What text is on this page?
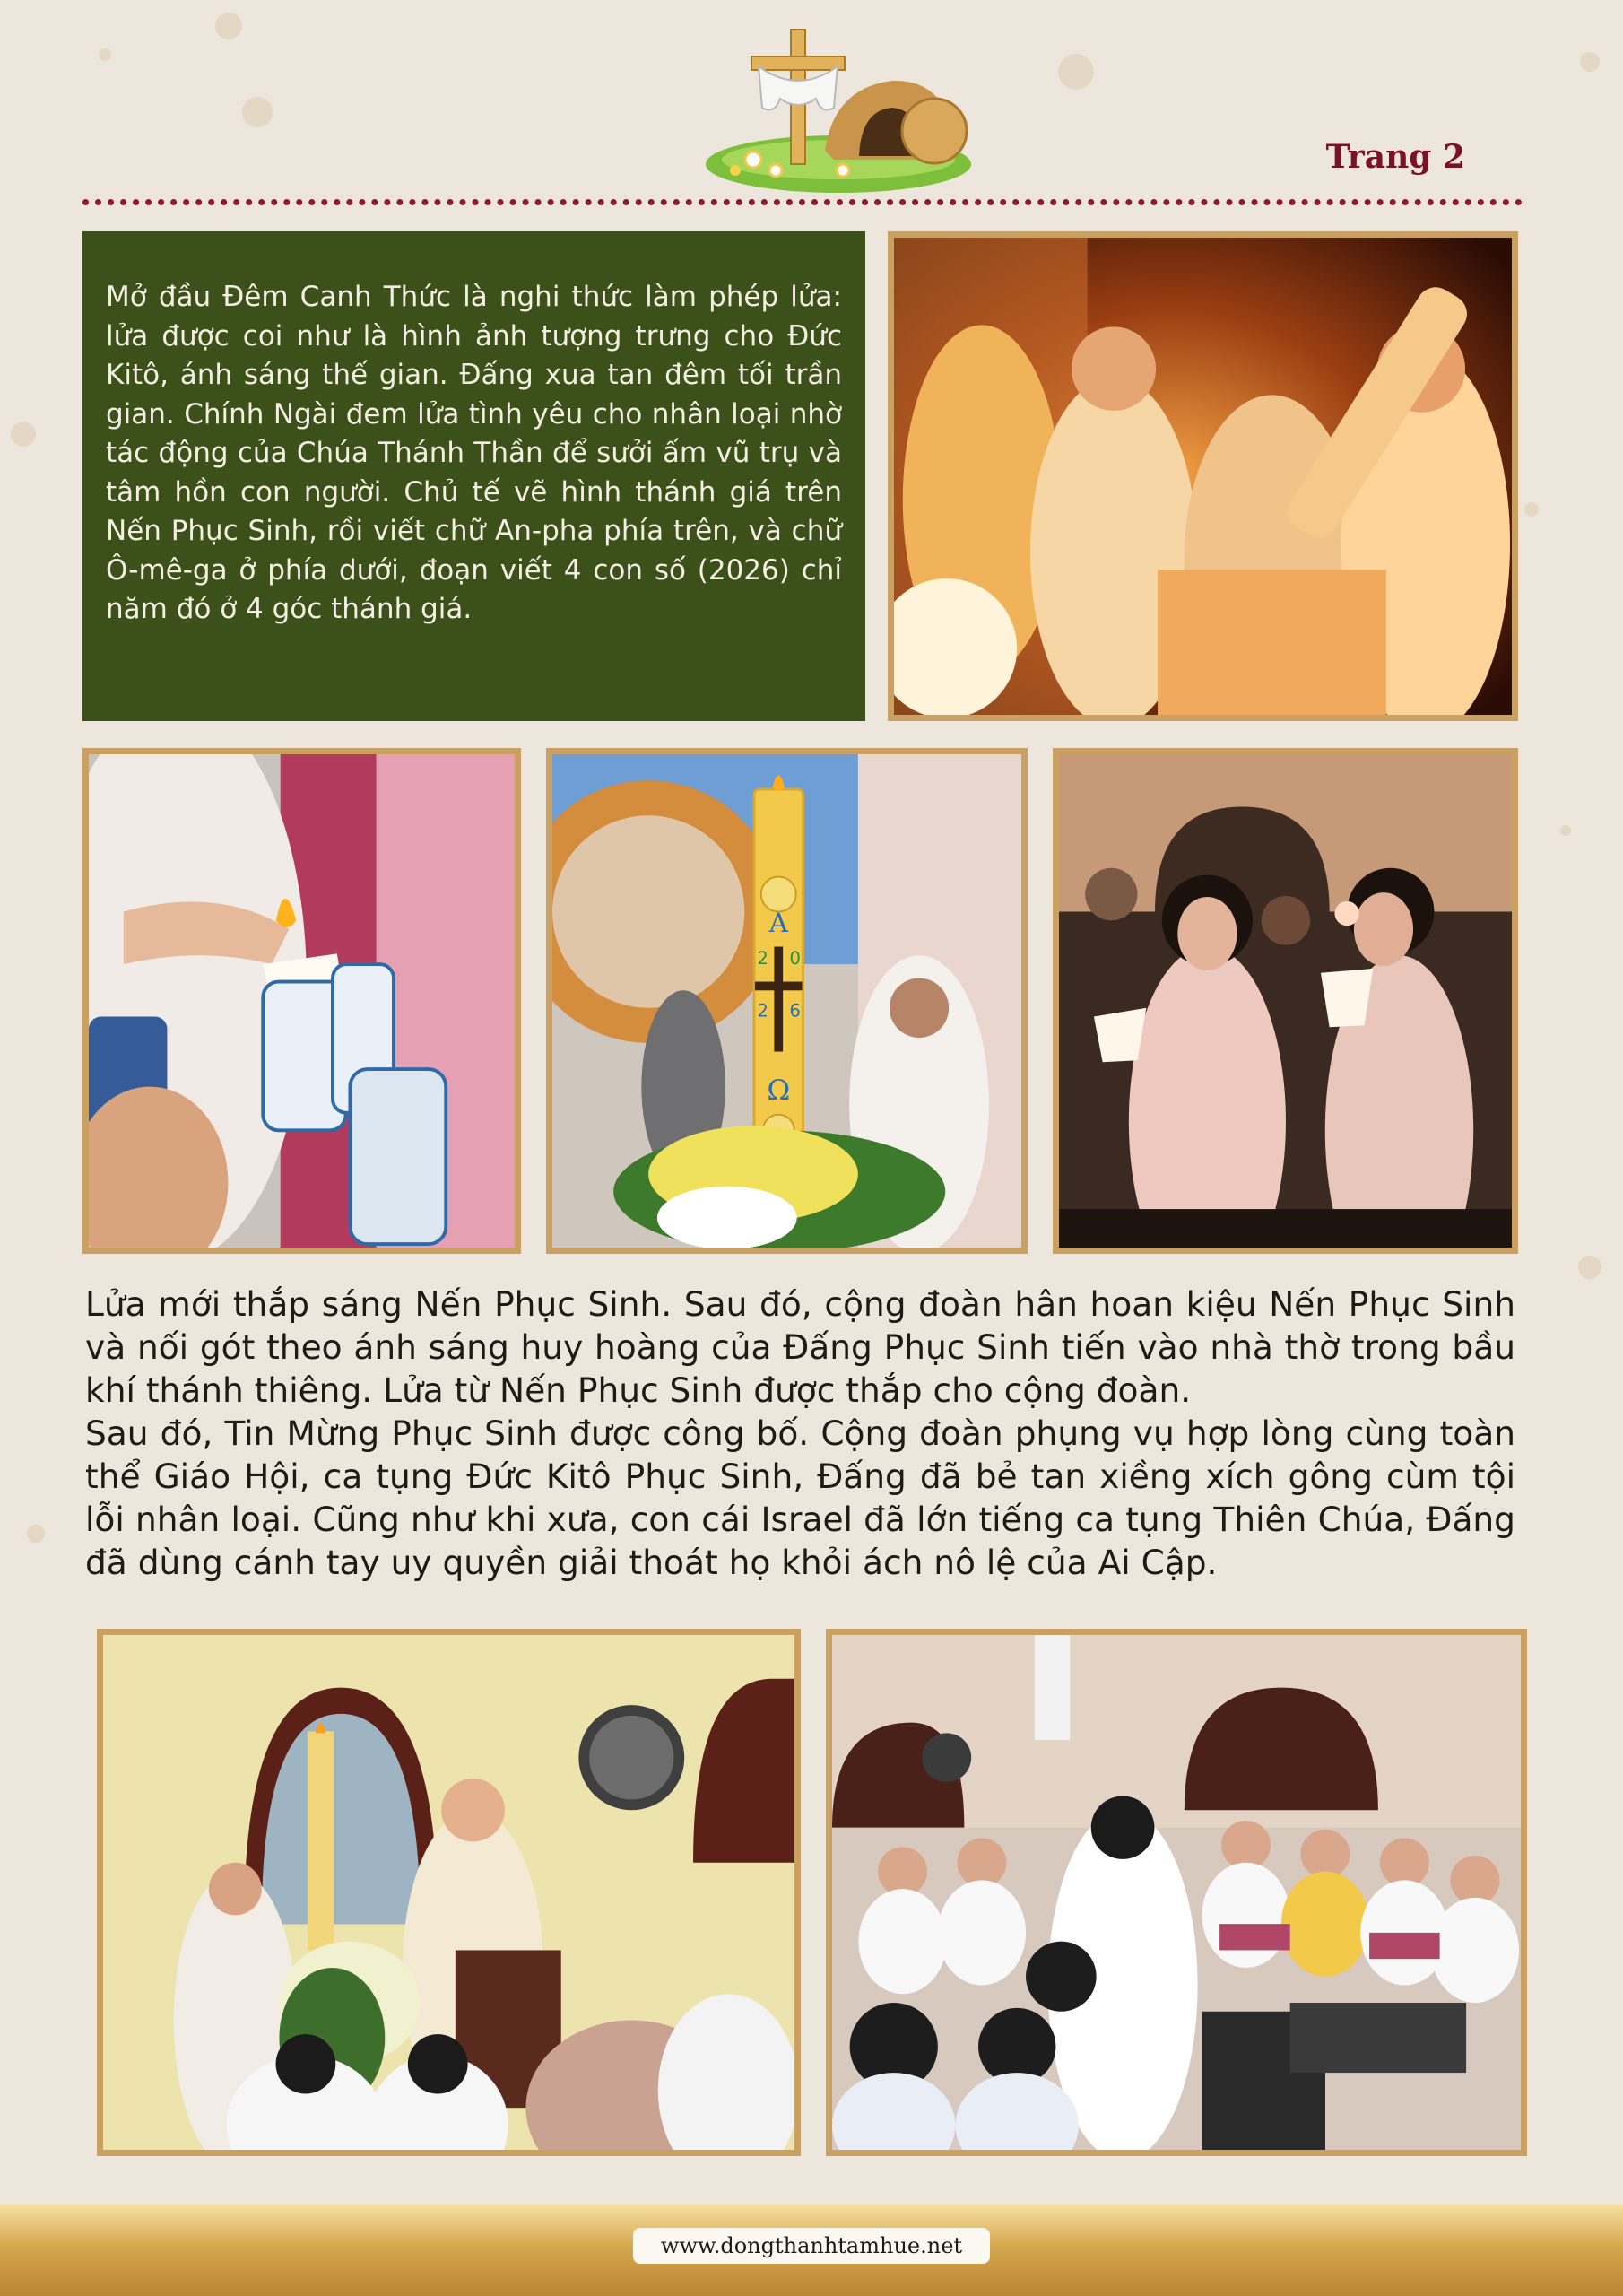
Trang 2

Mở đầu Đêm Canh Thức là nghi thức làm phép lửa: lửa được coi như là hình ảnh tượng trưng cho Đức Kitô, ánh sáng thế gian. Đấng xua tan đêm tối trần gian. Chính Ngài đem lửa tình yêu cho nhân loại nhờ tác động của Chúa Thánh Thần để sưởi ấm vũ trụ và tâm hồn con người. Chủ tế vẽ hình thánh giá trên Nến Phục Sinh, rồi viết chữ An-pha phía trên, và chữ Ô-mê-ga ở phía dưới, đoạn viết 4 con số (2026) chỉ năm đó ở 4 góc thánh giá.

A
2 0
2 6
Ω

Lửa mới thắp sáng Nến Phục Sinh. Sau đó, cộng đoàn hân hoan kiệu Nến Phục Sinh và nối gót theo ánh sáng huy hoàng của Đấng Phục Sinh tiến vào nhà thờ trong bầu khí thánh thiêng. Lửa từ Nến Phục Sinh được thắp cho cộng đoàn.

Sau đó, Tin Mừng Phục Sinh được công bố. Cộng đoàn phụng vụ hợp lòng cùng toàn thể Giáo Hội, ca tụng Đức Kitô Phục Sinh, Đấng đã bẻ tan xiềng xích gông cùm tội lỗi nhân loại. Cũng như khi xưa, con cái Israel đã lớn tiếng ca tụng Thiên Chúa, Đấng đã dùng cánh tay uy quyền giải thoát họ khỏi ách nô lệ của Ai Cập.

www.dongthanhtamhue.net
